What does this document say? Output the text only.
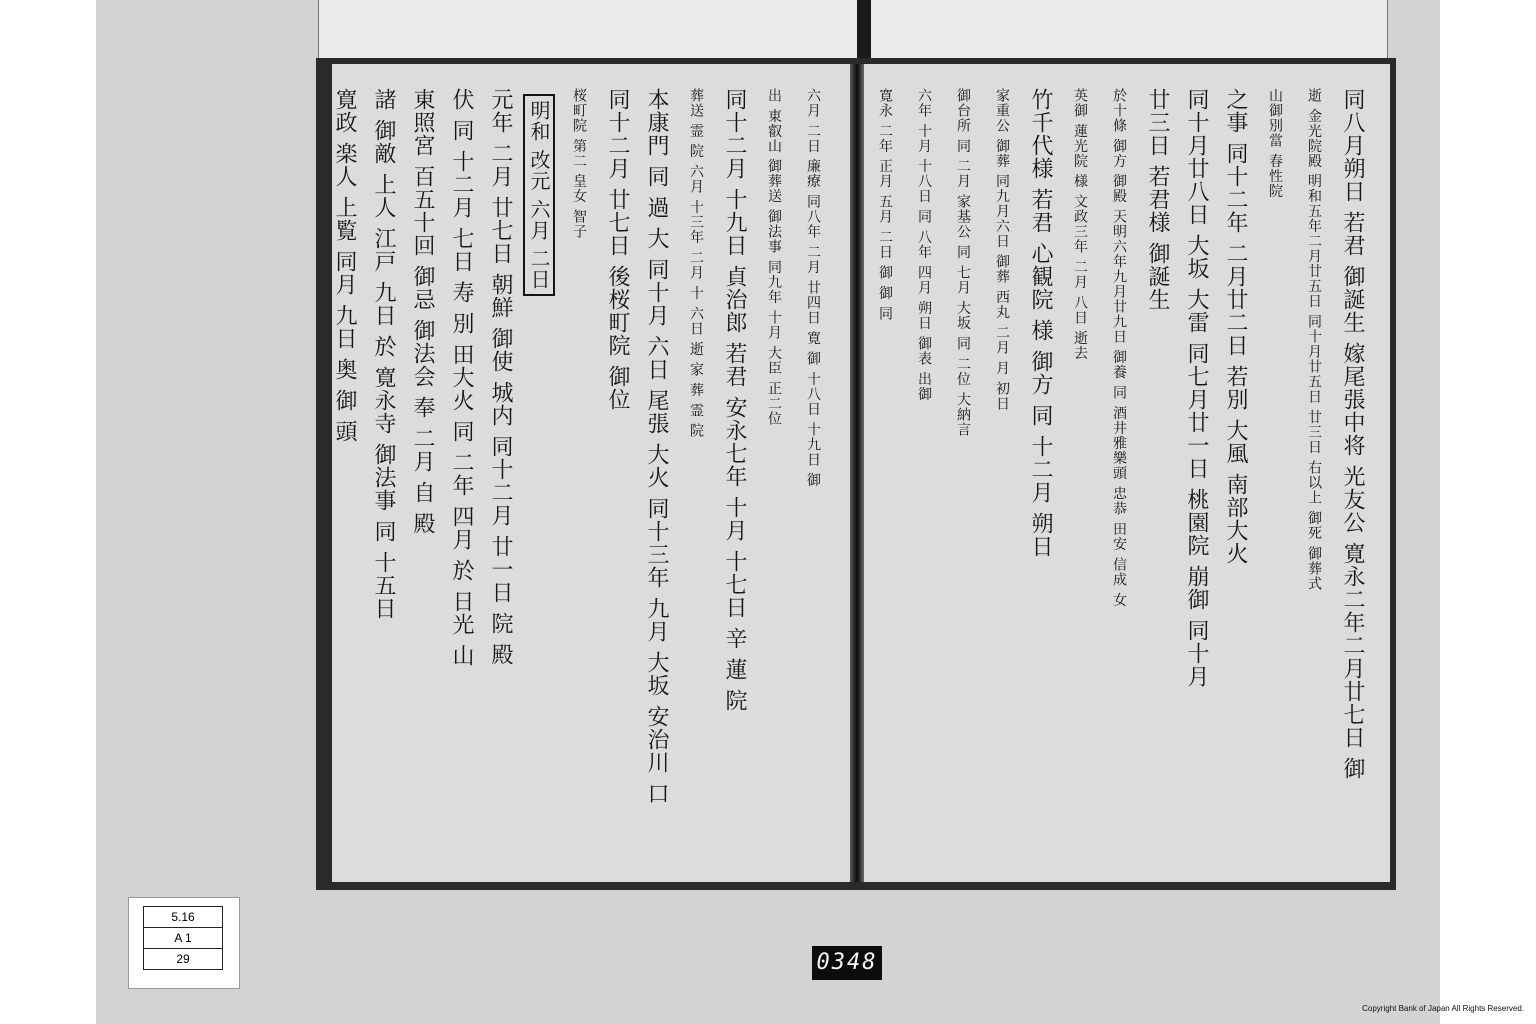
六月 二日 廉療 同八年 二月 廿四日 寛 御 十八日 十九日 御
出 東叡山 御葬送 御法事 同九年 十月 大臣 正二位
同十二月 十九日 貞治郎 若君 安永七年 十月 十七日 辛 蓮 院
葬送 霊 院 六月 十三年 二月 十 六日 逝 家 葬 霊 院
本康門 同 過 大 同十月 六日 尾張 大火 同十三年 九月 大坂 安治川 口
同十二月 廿七日 後桜町院 御位
桜町院 第二 皇女 智子
明和 改元 六月 二日
元年 二月 廿七日 朝鮮 御使 城内 同十二月 廿一日 院 殿
伏 同 十二月 七日 寿 別 田大火 同 二年 四月 於 日光 山
東照宮 百五十回 御忌 御法会 奉 二月 自 殿
諸 御敵 上人 江戸 九日 於 寛永寺 御法事 同 十五日
寛政 楽人 上覧 同月 九日 奥 御 頭	同八月朔日 若君 御誕生 嫁尾張中将 光友公 寛永二年二月廿七日 御
逝 金光院殿 明和五年二月廿五日 同十月廿五日 廿三日 右以上 御死 御葬式
山御別當 春性院
之事 同十二年 二月廿二日 若別 大風 南部大火
同十月廿八日 大坂 大雷 同七月廿一日 桃園院 崩御 同十月
廿三日 若君様 御誕生
於十條 御方 御殿 天明六年九月廿九日 御養 同 酒井雅樂頭 忠恭 田安 信成 女
英御 蓮光院 様 文政三年 二月 八日 逝去
竹千代様 若君 心観院 様 御方 同 十二月 朔日
家重公 御葬 同九月六日 御葬 西丸 二月 月 初日
御台所 同 二月 家基公 同 七月 大坂 同 二位 大納言
六年 十月 十八日 同 八年 四月 朔日 御表 出御
寛永 二年 正月 五月 二日 御 御 同
5.16
A 1
29	0348
Copyright Bank of Japan All Rights Reserved.
